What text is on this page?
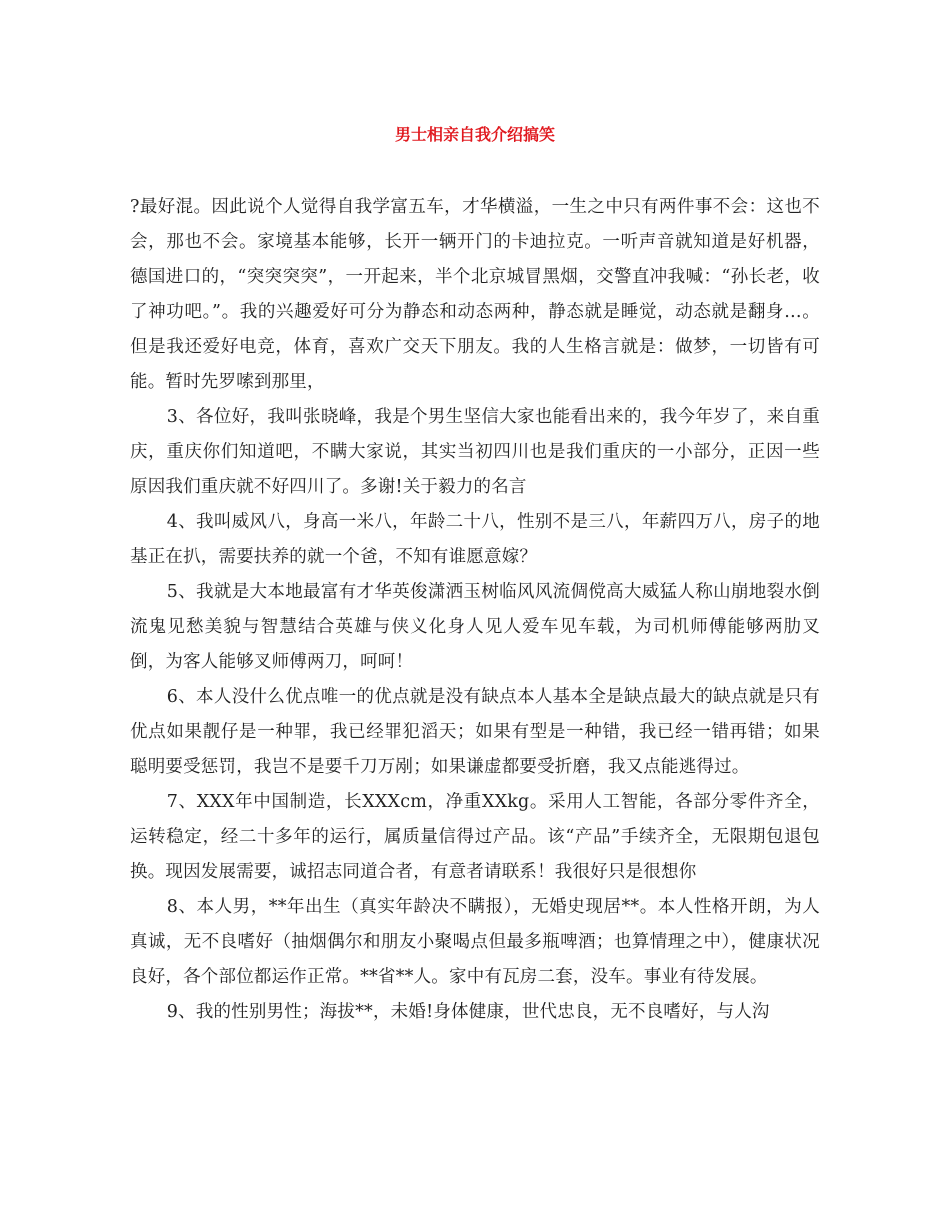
男士相亲自我介绍搞笑

?最好混。因此说个人觉得自我学富五车，才华横溢，一生之中只有两件事不会：这也不会，那也不会。家境基本能够，长开一辆开门的卡迪拉克。一听声音就知道是好机器，德国进口的，“突突突突”，一开起来，半个北京城冒黑烟，交警直冲我喊：“孙长老，收了神功吧。”。我的兴趣爱好可分为静态和动态两种，静态就是睡觉，动态就是翻身…。但是我还爱好电竞，体育，喜欢广交天下朋友。我的人生格言就是：做梦，一切皆有可能。暂时先罗嗦到那里，

3、各位好，我叫张晓峰，我是个男生坚信大家也能看出来的，我今年岁了，来自重庆，重庆你们知道吧，不瞒大家说，其实当初四川也是我们重庆的一小部分，正因一些原因我们重庆就不好四川了。多谢!关于毅力的名言

4、我叫威风八，身高一米八，年龄二十八，性别不是三八，年薪四万八，房子的地基正在扒，需要扶养的就一个爸，不知有谁愿意嫁？

5、我就是大本地最富有才华英俊潇洒玉树临风风流倜傥高大威猛人称山崩地裂水倒流鬼见愁美貌与智慧结合英雄与侠义化身人见人爱车见车载，为司机师傅能够两肋叉倒，为客人能够叉师傅两刀，呵呵！

6、本人没什么优点唯一的优点就是没有缺点本人基本全是缺点最大的缺点就是只有优点如果靓仔是一种罪，我已经罪犯滔天；如果有型是一种错，我已经一错再错；如果聪明要受惩罚，我岂不是要千刀万剐；如果谦虚都要受折磨，我又点能逃得过。

7、XXX年中国制造，长XXXcm，净重XXkg。采用人工智能，各部分零件齐全，运转稳定，经二十多年的运行，属质量信得过产品。该“产品”手续齐全，无限期包退包换。现因发展需要，诚招志同道合者，有意者请联系！我很好只是很想你

8、本人男，**年出生（真实年龄决不瞒报），无婚史现居**。本人性格开朗，为人真诚，无不良嗜好（抽烟偶尔和朋友小聚喝点但最多瓶啤酒；也算情理之中），健康状况良好，各个部位都运作正常。**省**人。家中有瓦房二套，没车。事业有待发展。

9、我的性别男性；海拔**，未婚!身体健康，世代忠良，无不良嗜好，与人沟
